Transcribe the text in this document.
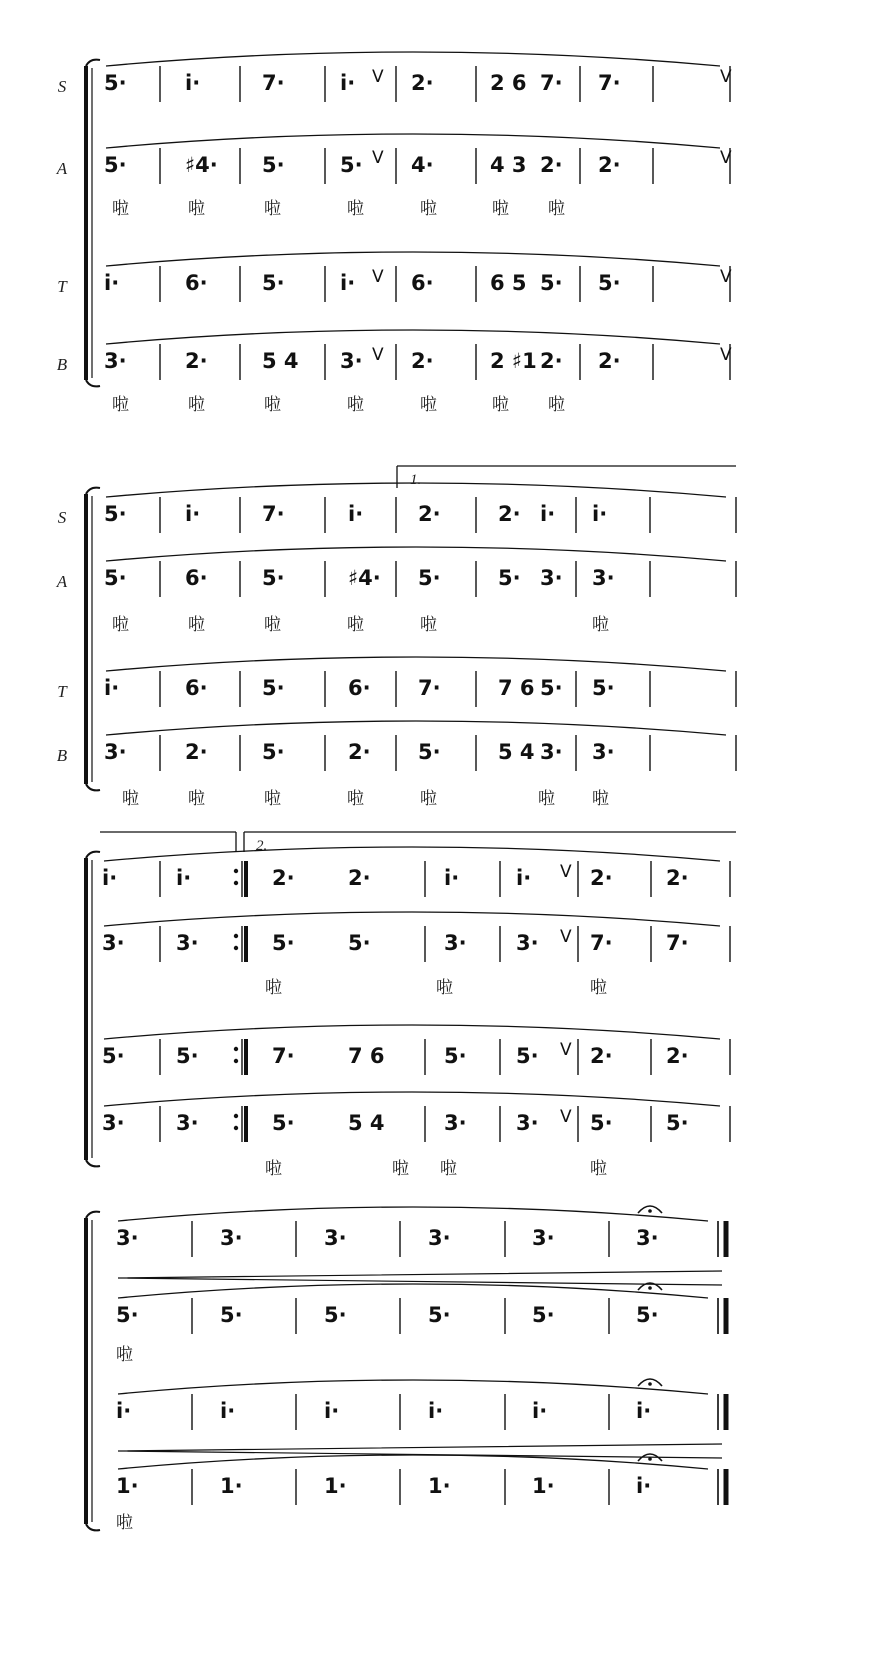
S
A
T
B
5·	i·	7·	i·	2·	2 6 7· 7·
5·	♯4· 5·	5· 4·	4 3 2· 2·
i·	6·	5·	i·	6·	6 5 5· 5·
3·	2·	5 4 3· 2·	2 ♯1 2· 2·
啦	啦	啦	啦	啦	啦 啦
啦	啦	啦	啦	啦	啦 啦
S
A
T
B
5·	i·	7·	i·	2·	2· i· i·
5·	6·	5·	♯4· 5·	5· 3· 3·
i·	6·	5·	6· 7·	7 6 5· 5·
3·	2·	5·	2· 5·	5 4 3· 3·
啦	啦	啦	啦	啦	啦
啦	啦	啦	啦	啦	啦 啦
i·	i·	2·	2·	i·	i·	2·	2·
3· 3·	5·	5·	3· 3· 7·	7·
5· 5·	7·	7 6	5· 5· 2·	2·
3· 3·	5·	5 4	3· 3· 5·	5·
啦	啦	啦
啦	啦 啦	啦
3·	3·	3·	3·	3·	3·
5·	5·	5·	5·	5·	5·
i·	i·	i·	i·	i·	i·
1·	1·	1·	1·	1·	i·
啦
啦
1.
2.
V	V
V	V
V	V
V	V
V
V
V
V
